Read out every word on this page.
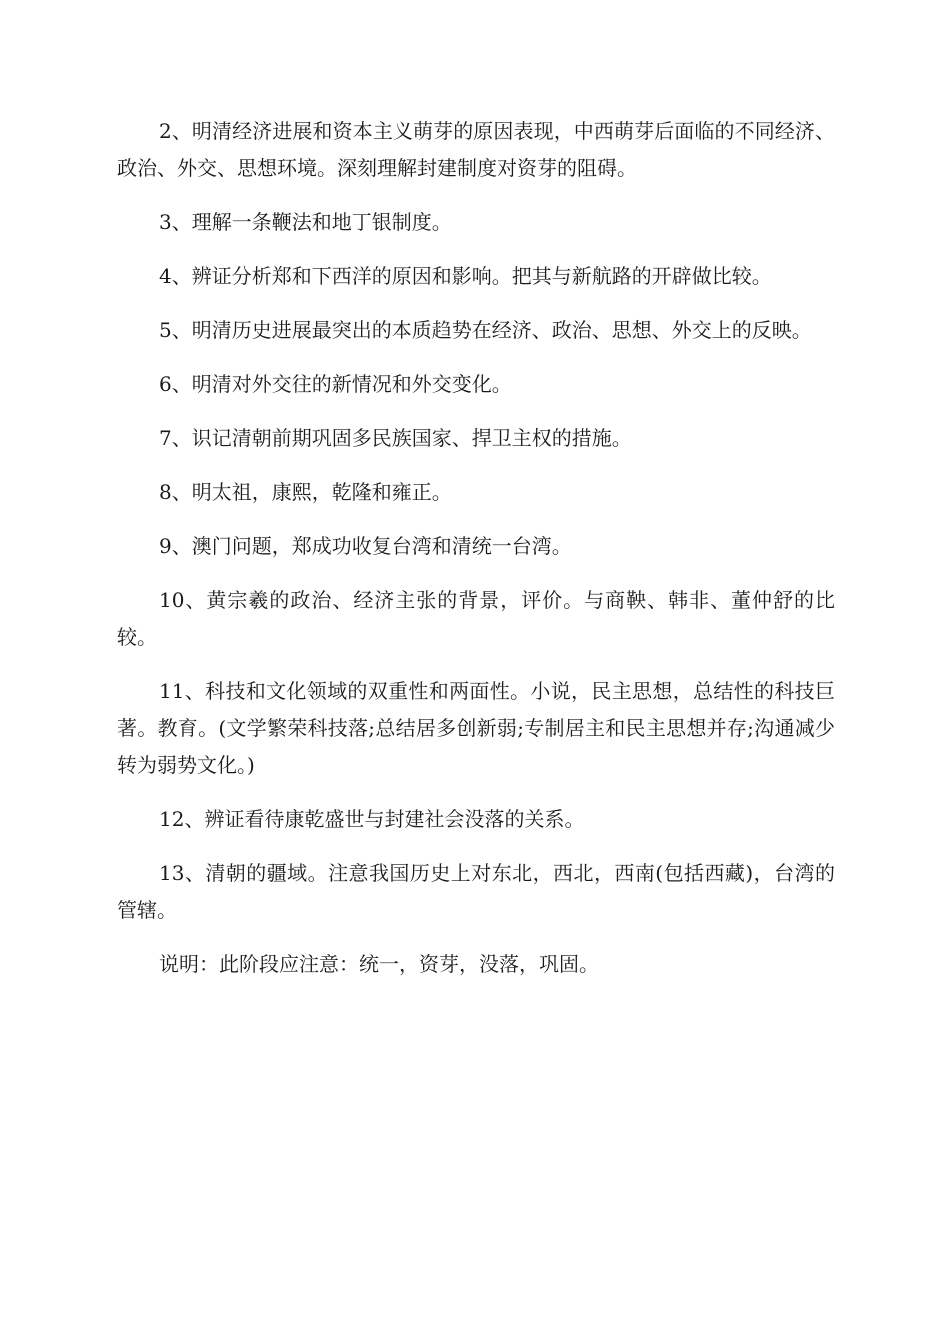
2、明清经济进展和资本主义萌芽的原因表现，中西萌芽后面临的不同经济、政治、外交、思想环境。深刻理解封建制度对资芽的阻碍。

3、理解一条鞭法和地丁银制度。

4、辨证分析郑和下西洋的原因和影响。把其与新航路的开辟做比较。

5、明清历史进展最突出的本质趋势在经济、政治、思想、外交上的反映。

6、明清对外交往的新情况和外交变化。

7、识记清朝前期巩固多民族国家、捍卫主权的措施。

8、明太祖，康熙，乾隆和雍正。

9、澳门问题，郑成功收复台湾和清统一台湾。

10、黄宗羲的政治、经济主张的背景，评价。与商鞅、韩非、董仲舒的比较。

11、科技和文化领域的双重性和两面性。小说，民主思想，总结性的科技巨著。教育。(文学繁荣科技落;总结居多创新弱;专制居主和民主思想并存;沟通减少转为弱势文化。)

12、辨证看待康乾盛世与封建社会没落的关系。

13、清朝的疆域。注意我国历史上对东北，西北，西南(包括西藏)，台湾的管辖。

说明：此阶段应注意：统一，资芽，没落，巩固。
